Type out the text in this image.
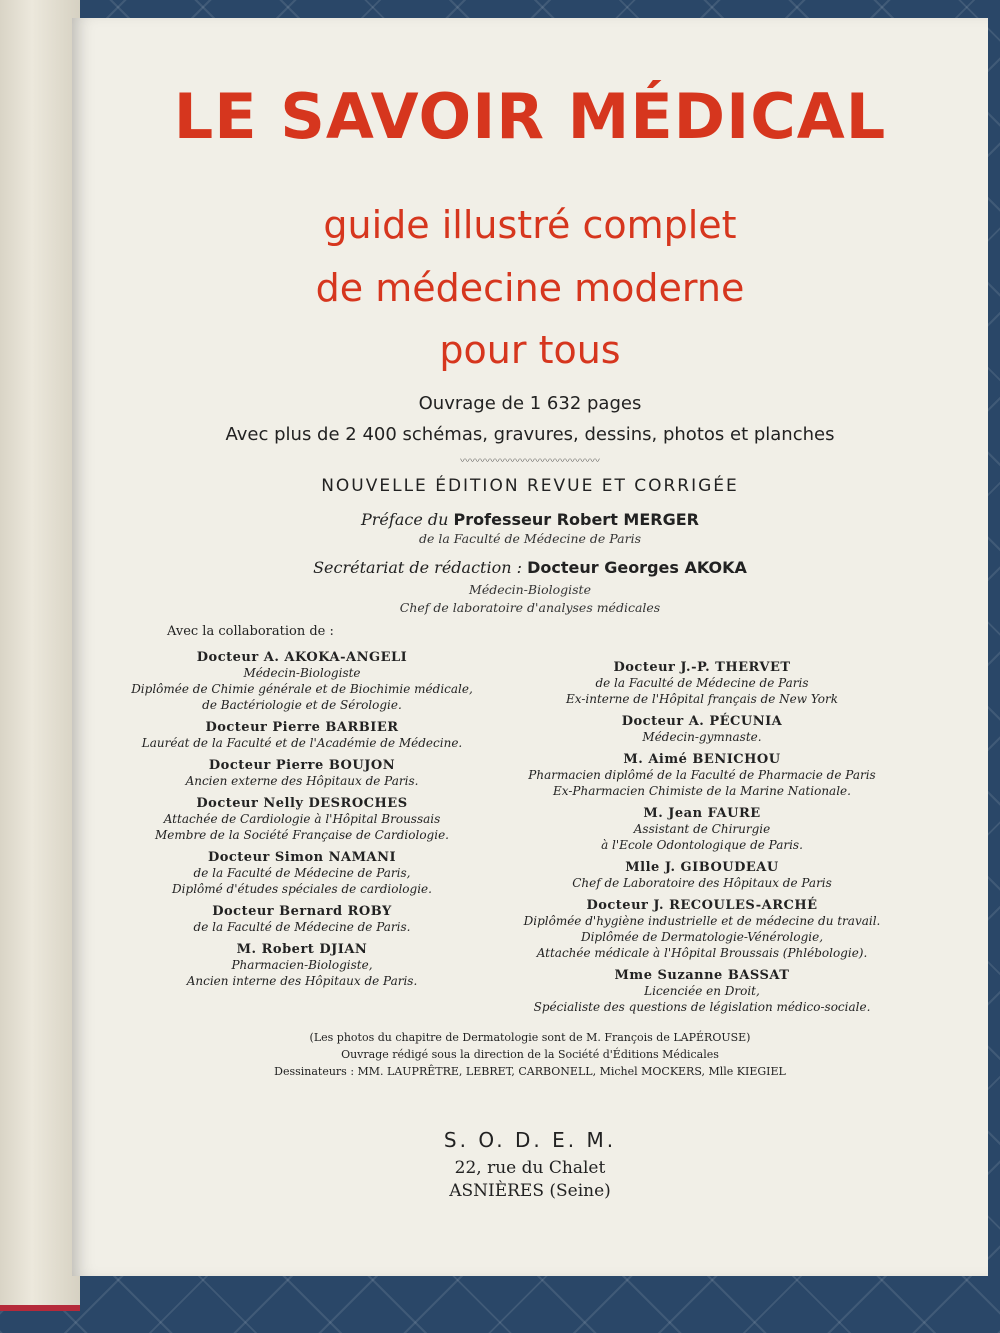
LE SAVOIR MÉDICAL
guide illustré complet
de médecine moderne
pour tous
Ouvrage de 1 632 pages
Avec plus de 2 400 schémas, gravures, dessins, photos et planches
〰〰〰〰〰〰〰〰〰〰〰〰〰〰
NOUVELLE ÉDITION REVUE ET CORRIGÉE
Préface du Professeur Robert MERGER
de la Faculté de Médecine de Paris
Secrétariat de rédaction : Docteur Georges AKOKA
Médecin-Biologiste
Chef de laboratoire d'analyses médicales
Avec la collaboration de :
Docteur A. AKOKA-ANGELI
Médecin-Biologiste
Diplômée de Chimie générale et de Biochimie médicale,
de Bactériologie et de Sérologie.
Docteur Pierre BARBIER
Lauréat de la Faculté et de l'Académie de Médecine.
Docteur Pierre BOUJON
Ancien externe des Hôpitaux de Paris.
Docteur Nelly DESROCHES
Attachée de Cardiologie à l'Hôpital Broussais
Membre de la Société Française de Cardiologie.
Docteur Simon NAMANI
de la Faculté de Médecine de Paris,
Diplômé d'études spéciales de cardiologie.
Docteur Bernard ROBY
de la Faculté de Médecine de Paris.
M. Robert DJIAN
Pharmacien-Biologiste,
Ancien interne des Hôpitaux de Paris.
Docteur J.-P. THERVET
de la Faculté de Médecine de Paris
Ex-interne de l'Hôpital français de New York
Docteur A. PÉCUNIA
Médecin-gymnaste.
M. Aimé BENICHOU
Pharmacien diplômé de la Faculté de Pharmacie de Paris
Ex-Pharmacien Chimiste de la Marine Nationale.
M. Jean FAURE
Assistant de Chirurgie
à l'Ecole Odontologique de Paris.
Mlle J. GIBOUDEAU
Chef de Laboratoire des Hôpitaux de Paris
Docteur J. RECOULES-ARCHÉ
Diplômée d'hygiène industrielle et de médecine du travail.
Diplômée de Dermatologie-Vénérologie,
Attachée médicale à l'Hôpital Broussais (Phlébologie).
Mme Suzanne BASSAT
Licenciée en Droit,
Spécialiste des questions de législation médico-sociale.
(Les photos du chapitre de Dermatologie sont de M. François de LAPÉROUSE)
Ouvrage rédigé sous la direction de la Société d'Éditions Médicales
Dessinateurs : MM. LAUPRÊTRE, LEBRET, CARBONELL, Michel MOCKERS, Mlle KIEGIEL
S. O. D. E. M.
22, rue du Chalet
ASNIÈRES (Seine)
